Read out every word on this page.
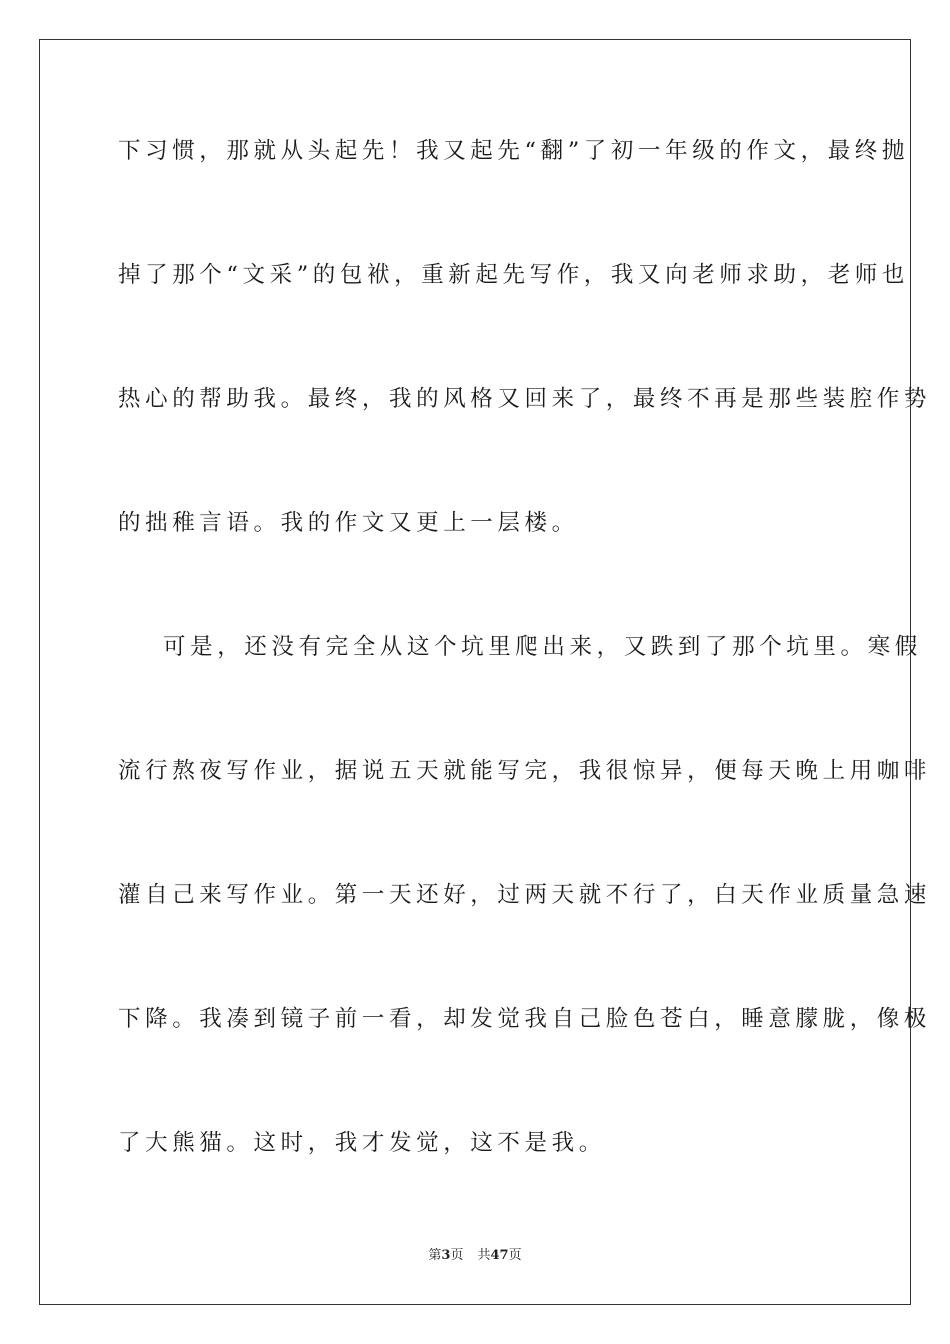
下习惯，那就从头起先！我又起先“翻”了初一年级的作文，最终抛
掉了那个“文采”的包袱，重新起先写作，我又向老师求助，老师也
热心的帮助我。最终，我的风格又回来了，最终不再是那些装腔作势
的拙稚言语。我的作文又更上一层楼。
可是，还没有完全从这个坑里爬出来，又跌到了那个坑里。寒假
流行熬夜写作业，据说五天就能写完，我很惊异，便每天晚上用咖啡
灌自己来写作业。第一天还好，过两天就不行了，白天作业质量急速
下降。我凑到镜子前一看，却发觉我自己脸色苍白，睡意朦胧，像极
了大熊猫。这时，我才发觉，这不是我。
第3页 共47页
